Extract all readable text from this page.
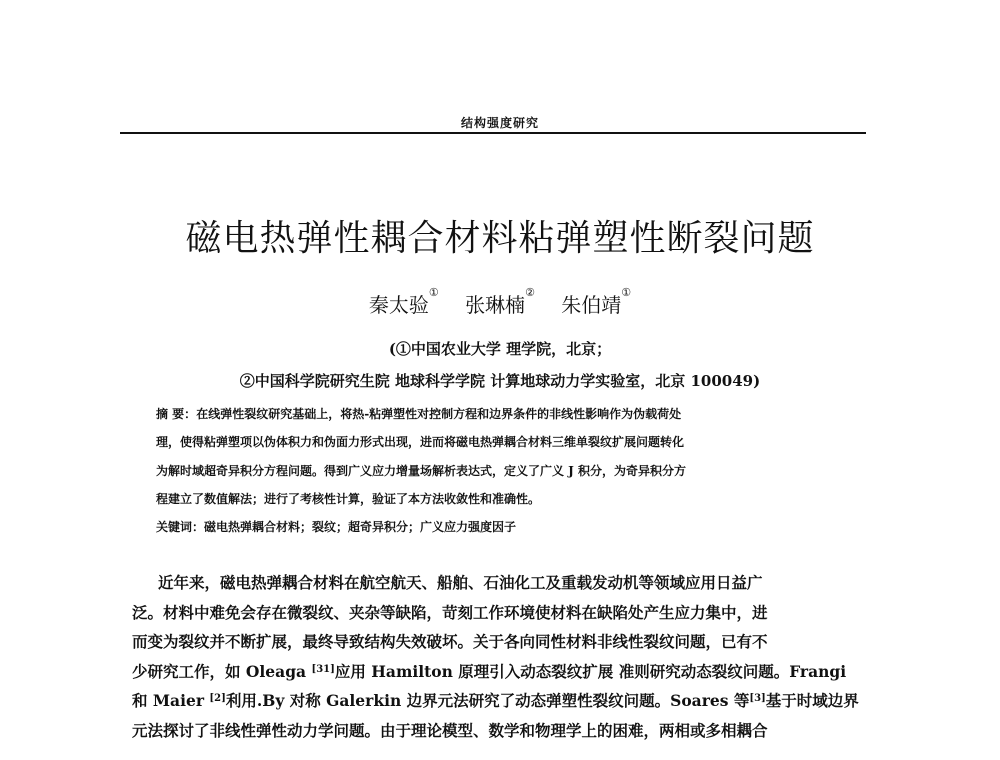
结构强度研究
磁电热弹性耦合材料粘弹塑性断裂问题
秦太验① 张琳楠② 朱伯靖①
(①中国农业大学 理学院，北京；
②中国科学院研究生院 地球科学学院 计算地球动力学实验室，北京 100049)
摘 要：在线弹性裂纹研究基础上，将热-粘弹塑性对控制方程和边界条件的非线性影响作为伪载荷处
理，使得粘弹塑项以伪体积力和伪面力形式出现，进而将磁电热弹耦合材料三维单裂纹扩展问题转化
为解时域超奇异积分方程问题。得到广义应力增量场解析表达式，定义了广义 J 积分，为奇异积分方
程建立了数值解法；进行了考核性计算，验证了本方法收敛性和准确性。
关键词：磁电热弹耦合材料；裂纹；超奇异积分；广义应力强度因子
近年来，磁电热弹耦合材料在航空航天、船舶、石油化工及重载发动机等领域应用日益广
泛。材料中难免会存在微裂纹、夹杂等缺陷，苛刻工作环境使材料在缺陷处产生应力集中，进
而变为裂纹并不断扩展，最终导致结构失效破坏。关于各向同性材料非线性裂纹问题，已有不
少研究工作，如 Oleaga [31]应用 Hamilton 原理引入动态裂纹扩展 准则研究动态裂纹问题。Frangi
和 Maier [2]利用.By 对称 Galerkin 边界元法研究了动态弹塑性裂纹问题。Soares 等[3]基于时域边界
元法探讨了非线性弹性动力学问题。由于理论模型、数学和物理学上的困难，两相或多相耦合
